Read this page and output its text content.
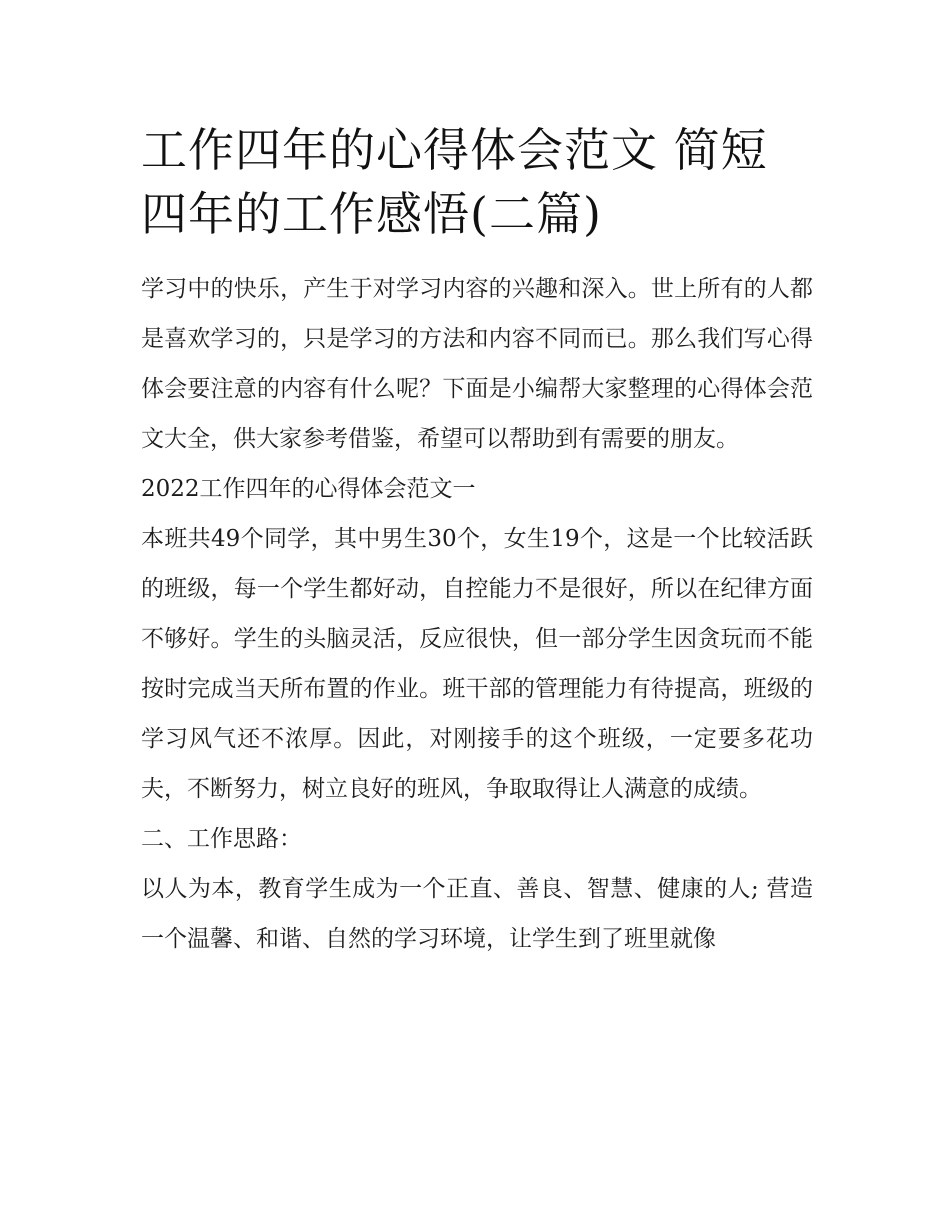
工作四年的心得体会范文 简短
四年的工作感悟(二篇)

学习中的快乐，产生于对学习内容的兴趣和深入。世上所有的人都是喜欢学习的，只是学习的方法和内容不同而已。那么我们写心得体会要注意的内容有什么呢？下面是小编帮大家整理的心得体会范文大全，供大家参考借鉴，希望可以帮助到有需要的朋友。

2022工作四年的心得体会范文一

本班共49个同学，其中男生30个，女生19个，这是一个比较活跃的班级，每一个学生都好动，自控能力不是很好，所以在纪律方面不够好。学生的头脑灵活，反应很快，但一部分学生因贪玩而不能按时完成当天所布置的作业。班干部的管理能力有待提高，班级的学习风气还不浓厚。因此，对刚接手的这个班级，一定要多花功夫，不断努力，树立良好的班风，争取取得让人满意的成绩。

二、工作思路：

以人为本，教育学生成为一个正直、善良、智慧、健康的人; 营造一个温馨、和谐、自然的学习环境，让学生到了班里就像
